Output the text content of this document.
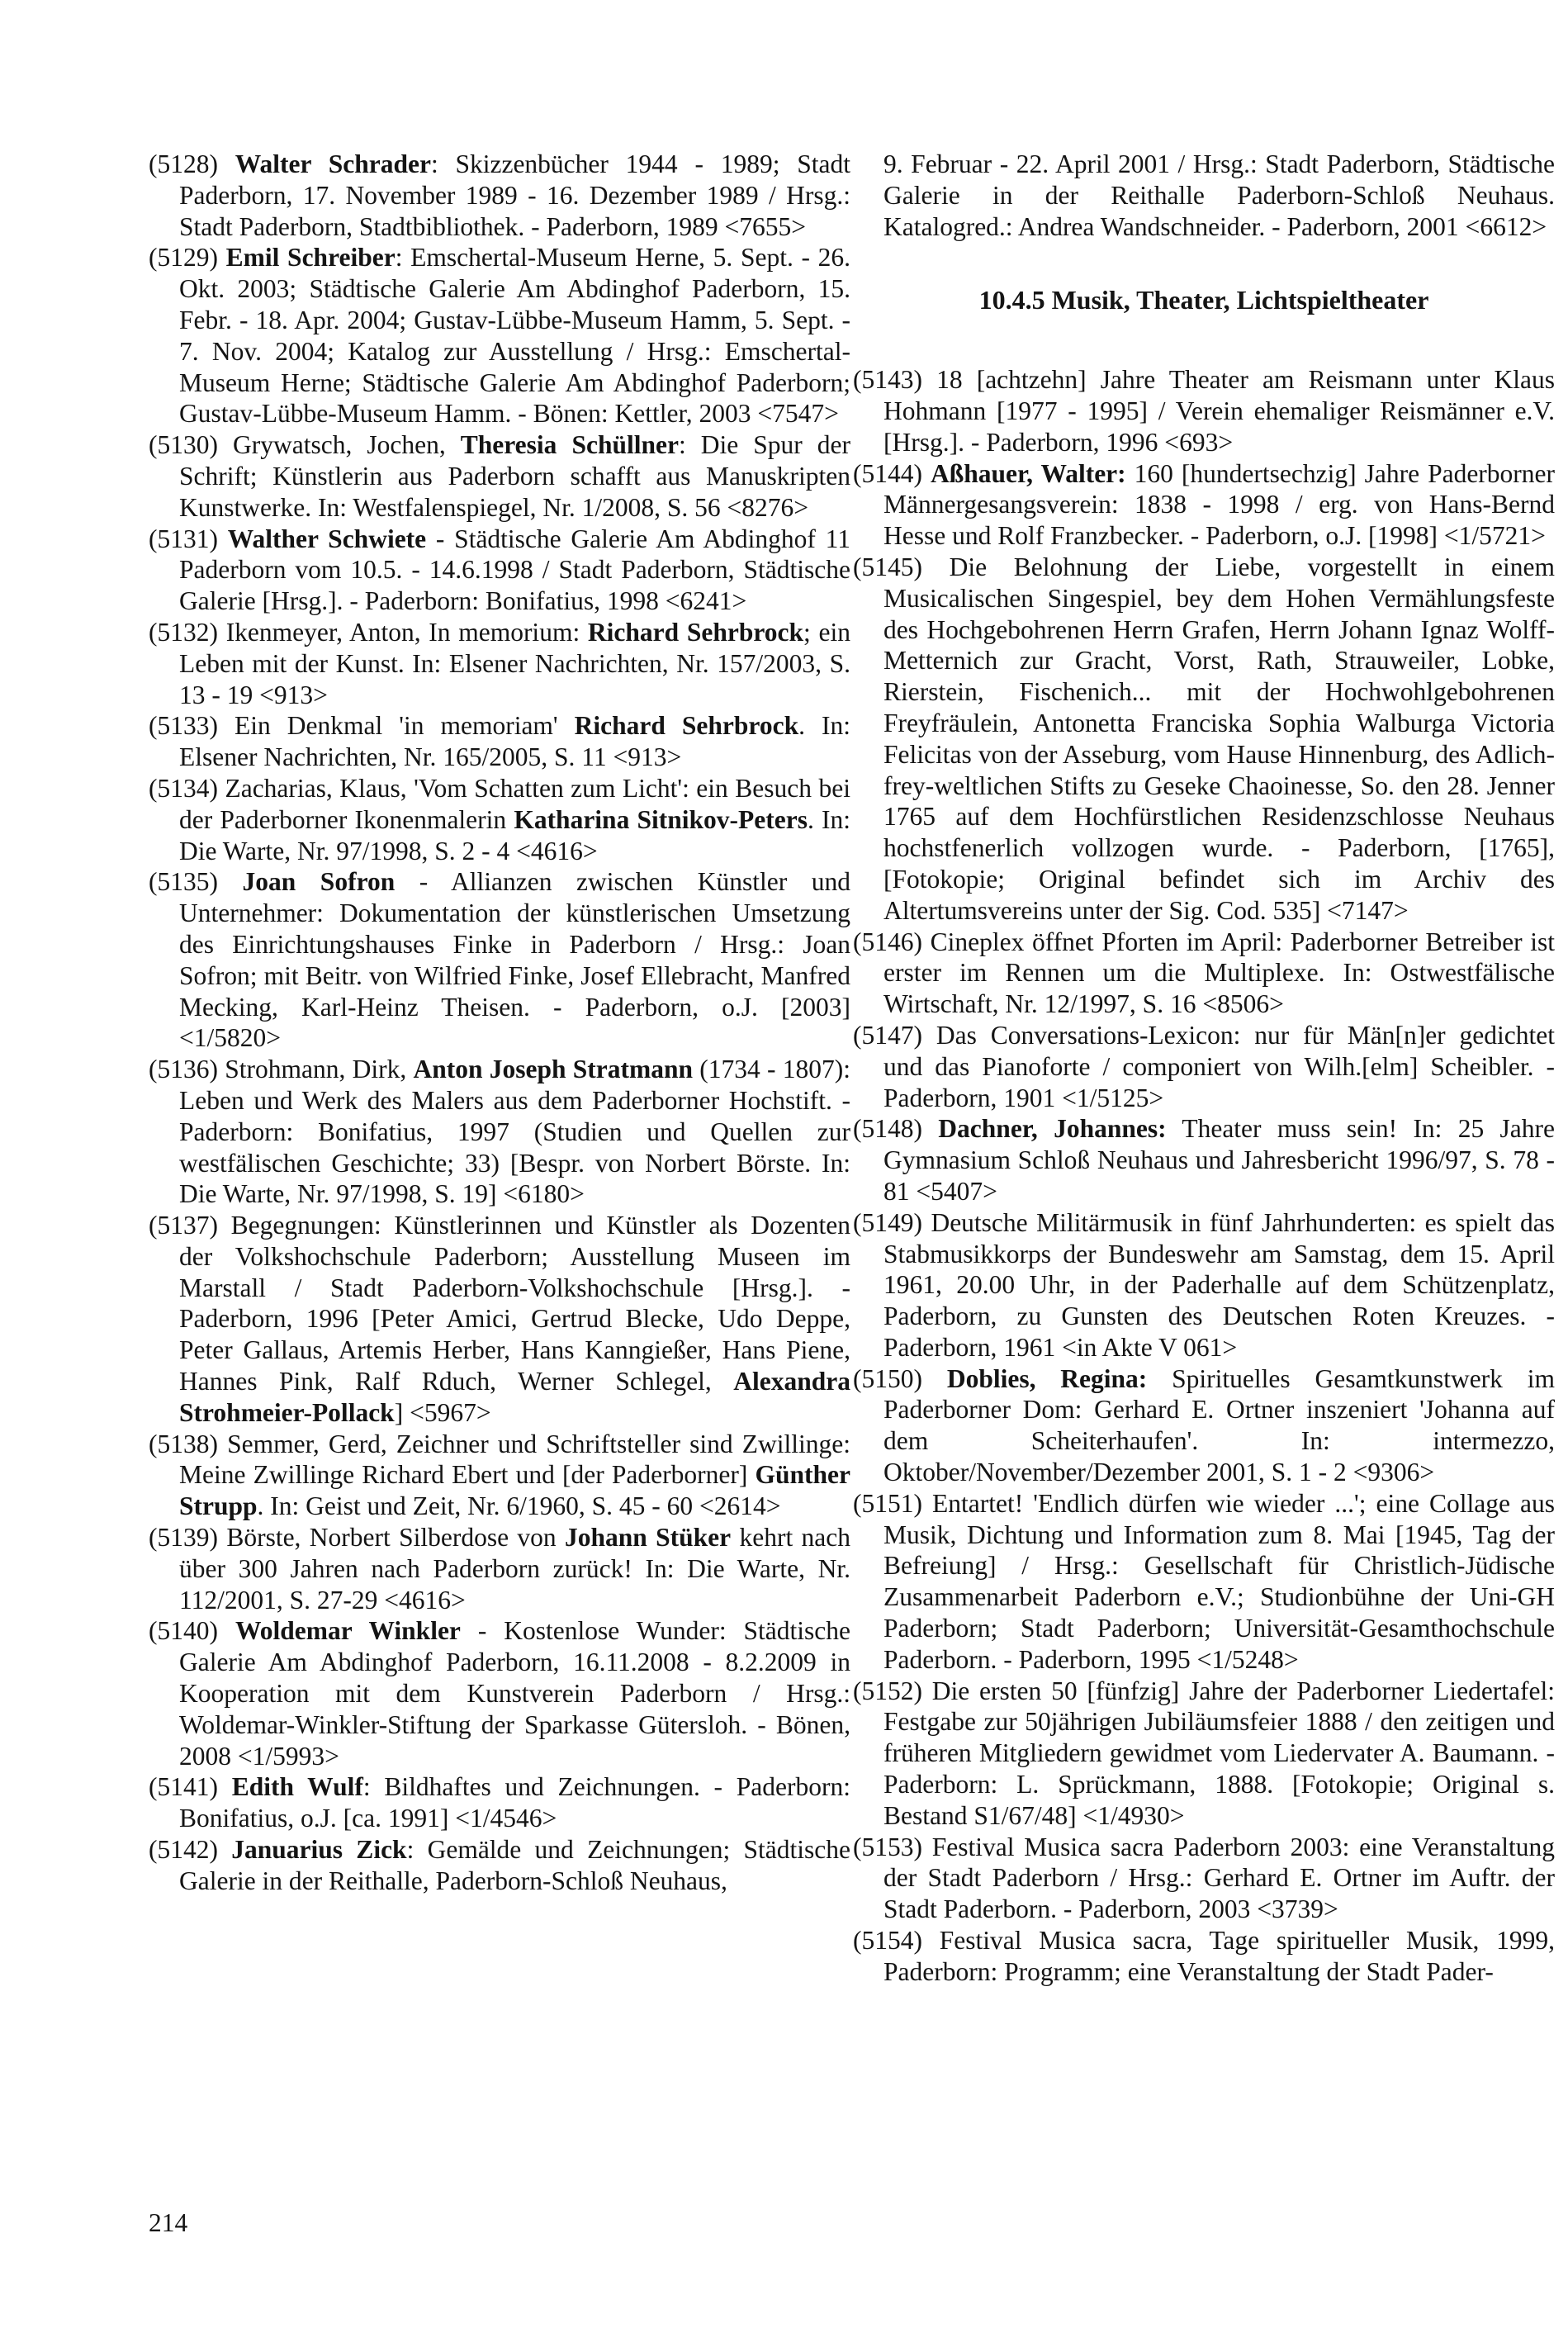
(5128) Walter Schrader: Skizzenbücher 1944 - 1989; Stadt Paderborn, 17. November 1989 - 16. Dezember 1989 / Hrsg.: Stadt Paderborn, Stadtbibliothek. - Paderborn, 1989 <7655>

(5129) Emil Schreiber: Emschertal-Museum Herne, 5. Sept. - 26. Okt. 2003; Städtische Galerie Am Abdinghof Paderborn, 15. Febr. - 18. Apr. 2004; Gustav-Lübbe-Museum Hamm, 5. Sept. - 7. Nov. 2004; Katalog zur Ausstellung / Hrsg.: Emschertal-Museum Herne; Städtische Galerie Am Abdinghof Paderborn; Gustav-Lübbe-Museum Hamm. - Bönen: Kettler, 2003 <7547>

(5130) Grywatsch, Jochen, Theresia Schüllner: Die Spur der Schrift; Künstlerin aus Paderborn schafft aus Manuskripten Kunstwerke. In: Westfalenspiegel, Nr. 1/2008, S. 56 <8276>

(5131) Walther Schwiete - Städtische Galerie Am Abdinghof 11 Paderborn vom 10.5. - 14.6.1998 / Stadt Paderborn, Städtische Galerie [Hrsg.]. - Paderborn: Bonifatius, 1998 <6241>

(5132) Ikenmeyer, Anton, In memorium: Richard Sehrbrock; ein Leben mit der Kunst. In: Elsener Nachrichten, Nr. 157/2003, S. 13 - 19 <913>

(5133) Ein Denkmal 'in memoriam' Richard Sehrbrock. In: Elsener Nachrichten, Nr. 165/2005, S. 11 <913>

(5134) Zacharias, Klaus, 'Vom Schatten zum Licht': ein Besuch bei der Paderborner Ikonenmalerin Katharina Sitnikov-Peters. In: Die Warte, Nr. 97/1998, S. 2 - 4 <4616>

(5135) Joan Sofron - Allianzen zwischen Künstler und Unternehmer: Dokumentation der künstlerischen Umsetzung des Einrichtungshauses Finke in Paderborn / Hrsg.: Joan Sofron; mit Beitr. von Wilfried Finke, Josef Ellebracht, Manfred Mecking, Karl-Heinz Theisen. - Paderborn, o.J. [2003] <1/5820>

(5136) Strohmann, Dirk, Anton Joseph Stratmann (1734 - 1807): Leben und Werk des Malers aus dem Paderborner Hochstift. - Paderborn: Bonifatius, 1997 (Studien und Quellen zur westfälischen Geschichte; 33) [Bespr. von Norbert Börste. In: Die Warte, Nr. 97/1998, S. 19] <6180>

(5137) Begegnungen: Künstlerinnen und Künstler als Dozenten der Volkshochschule Paderborn; Ausstellung Museen im Marstall / Stadt Paderborn-Volkshochschule [Hrsg.]. - Paderborn, 1996 [Peter Amici, Gertrud Blecke, Udo Deppe, Peter Gallaus, Artemis Herber, Hans Kanngießer, Hans Piene, Hannes Pink, Ralf Rduch, Werner Schlegel, Alexandra Strohmeier-Pollack] <5967>

(5138) Semmer, Gerd, Zeichner und Schriftsteller sind Zwillinge: Meine Zwillinge Richard Ebert und [der Paderborner] Günther Strupp. In: Geist und Zeit, Nr. 6/1960, S. 45 - 60 <2614>

(5139) Börste, Norbert Silberdose von Johann Stüker kehrt nach über 300 Jahren nach Paderborn zurück! In: Die Warte, Nr. 112/2001, S. 27-29 <4616>

(5140) Woldemar Winkler - Kostenlose Wunder: Städtische Galerie Am Abdinghof Paderborn, 16.11.2008 - 8.2.2009 in Kooperation mit dem Kunstverein Paderborn / Hrsg.: Woldemar-Winkler-Stiftung der Sparkasse Gütersloh. - Bönen, 2008 <1/5993>

(5141) Edith Wulf: Bildhaftes und Zeichnungen. - Paderborn: Bonifatius, o.J. [ca. 1991] <1/4546>

(5142) Januarius Zick: Gemälde und Zeichnungen; Städtische Galerie in der Reithalle, Paderborn-Schloß Neuhaus,

9. Februar - 22. April 2001 / Hrsg.: Stadt Paderborn, Städtische Galerie in der Reithalle Paderborn-Schloß Neuhaus. Katalogred.: Andrea Wandschneider. - Paderborn, 2001 <6612>

10.4.5 Musik, Theater, Lichtspieltheater

(5143) 18 [achtzehn] Jahre Theater am Reismann unter Klaus Hohmann [1977 - 1995] / Verein ehemaliger Reismänner e.V. [Hrsg.]. - Paderborn, 1996 <693>

(5144) Aßhauer, Walter: 160 [hundertsechzig] Jahre Paderborner Männergesangsverein: 1838 - 1998 / erg. von Hans-Bernd Hesse und Rolf Franzbecker. - Paderborn, o.J. [1998] <1/5721>

(5145) Die Belohnung der Liebe, vorgestellt in einem Musicalischen Singespiel, bey dem Hohen Vermählungsfeste des Hochgebohrenen Herrn Grafen, Herrn Johann Ignaz Wolff-Metternich zur Gracht, Vorst, Rath, Strauweiler, Lobke, Rierstein, Fischenich... mit der Hochwohlgebohrenen Freyfräulein, Antonetta Franciska Sophia Walburga Victoria Felicitas von der Asseburg, vom Hause Hinnenburg, des Adlich-frey-weltlichen Stifts zu Geseke Chaoinesse, So. den 28. Jenner 1765 auf dem Hochfürstlichen Residenzschlosse Neuhaus hochstfenerlich vollzogen wurde. - Paderborn, [1765], [Fotokopie; Original befindet sich im Archiv des Altertumsvereins unter der Sig. Cod. 535] <7147>

(5146) Cineplex öffnet Pforten im April: Paderborner Betreiber ist erster im Rennen um die Multiplexe. In: Ostwestfälische Wirtschaft, Nr. 12/1997, S. 16 <8506>

(5147) Das Conversations-Lexicon: nur für Män[n]er gedichtet und das Pianoforte / componiert von Wilh.[elm] Scheibler. - Paderborn, 1901 <1/5125>

(5148) Dachner, Johannes: Theater muss sein! In: 25 Jahre Gymnasium Schloß Neuhaus und Jahresbericht 1996/97, S. 78 - 81 <5407>

(5149) Deutsche Militärmusik in fünf Jahrhunderten: es spielt das Stabmusikkorps der Bundeswehr am Samstag, dem 15. April 1961, 20.00 Uhr, in der Paderhalle auf dem Schützenplatz, Paderborn, zu Gunsten des Deutschen Roten Kreuzes. - Paderborn, 1961 <in Akte V 061>

(5150) Doblies, Regina: Spirituelles Gesamtkunstwerk im Paderborner Dom: Gerhard E. Ortner inszeniert 'Johanna auf dem Scheiterhaufen'. In: intermezzo, Oktober/November/Dezember 2001, S. 1 - 2 <9306>

(5151) Entartet! 'Endlich dürfen wie wieder ...'; eine Collage aus Musik, Dichtung und Information zum 8. Mai [1945, Tag der Befreiung] / Hrsg.: Gesellschaft für Christlich-Jüdische Zusammenarbeit Paderborn e.V.; Studionbühne der Uni-GH Paderborn; Stadt Paderborn; Universität-Gesamthochschule Paderborn. - Paderborn, 1995 <1/5248>

(5152) Die ersten 50 [fünfzig] Jahre der Paderborner Liedertafel: Festgabe zur 50jährigen Jubiläumsfeier 1888 / den zeitigen und früheren Mitgliedern gewidmet vom Liedervater A. Baumann. - Paderborn: L. Sprückmann, 1888. [Fotokopie; Original s. Bestand S1/67/48] <1/4930>

(5153) Festival Musica sacra Paderborn 2003: eine Veranstaltung der Stadt Paderborn / Hrsg.: Gerhard E. Ortner im Auftr. der Stadt Paderborn. - Paderborn, 2003 <3739>

(5154) Festival Musica sacra, Tage spiritueller Musik, 1999, Paderborn: Programm; eine Veranstaltung der Stadt Pader-

214
